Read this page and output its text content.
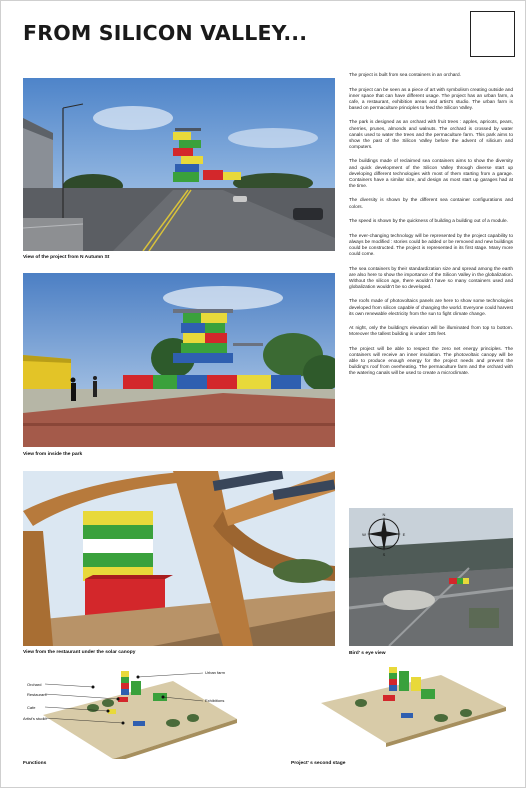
FROM SILICON VALLEY...
View of the project from N Autumn St
View from inside the park
View from the restaurant under the solar canopy
N
S
E
W
Bird' s eye view
Orchard
Restaurant
Cafe
Artist's studio
Urban farm
Exhibitions
Functions	Project' s second stage

The project is built from sea containers in an orchard.

The project can be seen as a piece of art with symbolism creating outside and inner space that can have different usage. The project has an urban farm, a cafe, a restaurant, exhibition areas and artist's studio. The urban farm is based on permaculture principles to feed the Silicon Valley.

The park is designed as an orchard with fruit trees : apples, apricots, pears, cherries, prunes, almonds and walnuts. The orchard is crossed by water canals used to water the trees and the permaculture farm. This park aims to show the past of the Silicon Valley before the advent of silicium and computers.

The buildings made of reclaimed sea containers aims to show the diversity and quick development of the Silicon Valley through diverse start up developing different technologies with most of them starting from a garage. Containers have a similar size, and design as most start up garages had at the time.

The diversity is shown by the different sea container configurations and colors.

The speed is shown by the quickness of building a building out of a module.

The ever-changing technology will be represented by the project capability to always be modified : stories could be added or be removed and new buildings could be constructed. The project is represented in its first stage. Many more could come.

The sea containers by their standardization size and spread among the earth are also here to show the importance of the Silicon Valley in the globalization. Without the silicon age, there wouldn't have so many containers used and globalization wouldn't be so developed.

The roofs made of photovoltaics panels are here to show some technologies developed from silicon capable of changing the world. Everyone could harvest its own renewable electricity from the sun to fight climate change.

At night, only the building's elevation will be illuminated from top to bottom. Moreover the tallest building is under 105 feet.

The project will be able to respect the zero net energy principles. The containers will receive an inner insulation. The photovoltaic canopy will be able to produce enough energy for the project needs and prevent the building's roof from overheating. The permaculture farm and the orchard with the watering canals will be used to create a microclimate.
